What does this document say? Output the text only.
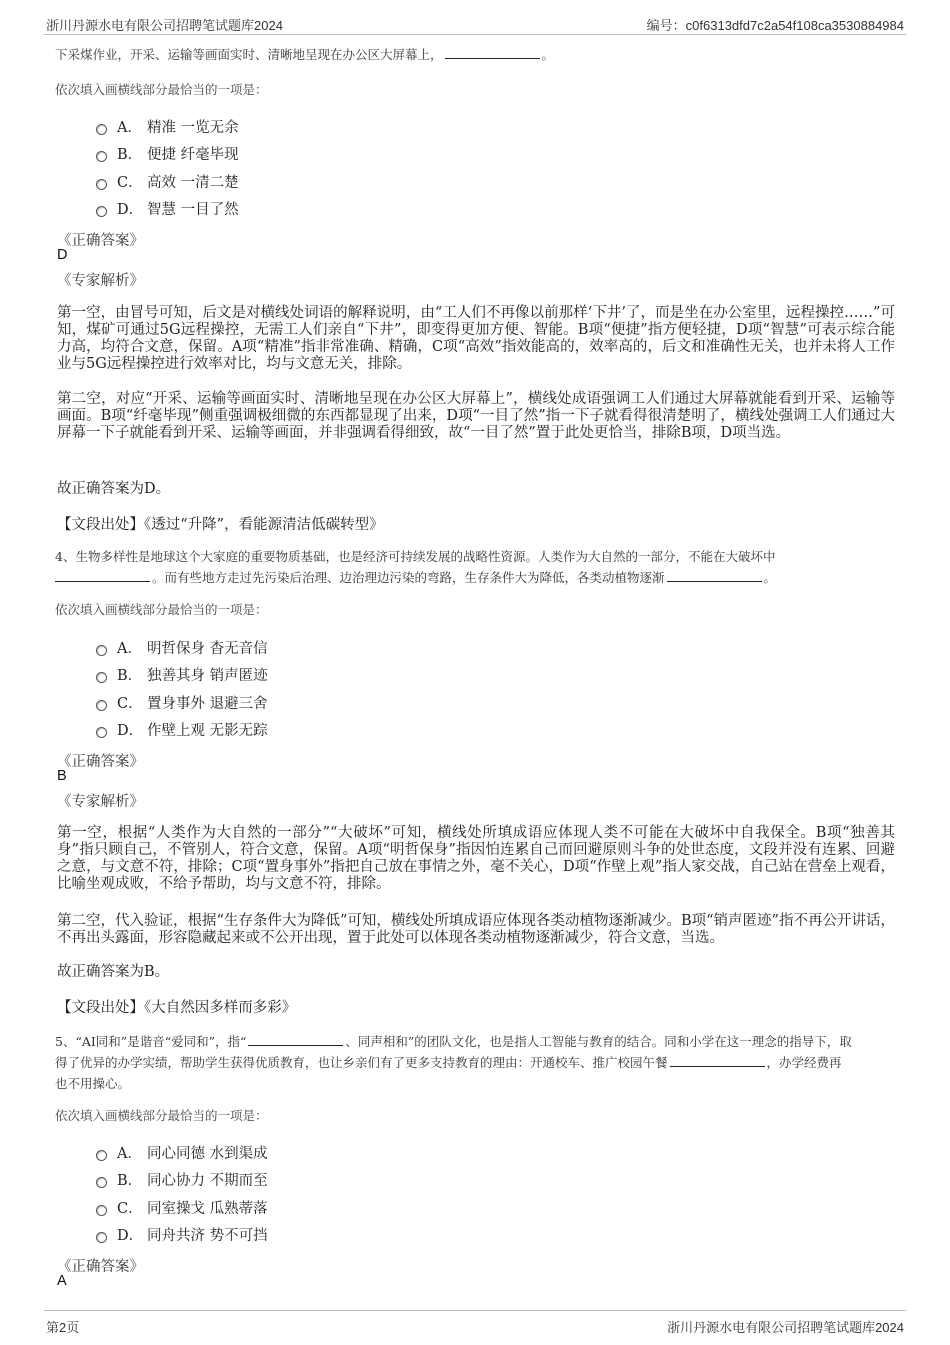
浙川丹源水电有限公司招聘笔试题库2024	编号：c0f6313dfd7c2a54f108ca3530884984
下采煤作业，开采、运输等画面实时、清晰地呈现在办公区大屏幕上，	。
依次填入画横线部分最恰当的一项是：
A． 精准 一览无余
B． 便捷 纤毫毕现
C． 高效 一清二楚
D． 智慧 一目了然
《正确答案》
D
《专家解析》
第一空，由冒号可知，后文是对横线处词语的解释说明，由“工人们不再像以前那样‘下井’了，而是坐在办公室里，远程操控……”可知，煤矿可通过5G远程操控，无需工人们亲自“下井”，即变得更加方便、智能。B项“便捷”指方便轻捷，D项“智慧”可表示综合能力高，均符合文意，保留。A项“精准”指非常准确、精确，C项“高效”指效能高的，效率高的，后文和准确性无关，也并未将人工作业与5G远程操控进行效率对比，均与文意无关，排除。
第二空，对应“开采、运输等画面实时、清晰地呈现在办公区大屏幕上”，横线处成语强调工人们通过大屏幕就能看到开采、运输等画面。B项“纤毫毕现”侧重强调极细微的东西都显现了出来，D项“一目了然”指一下子就看得很清楚明了，横线处强调工人们通过大屏幕一下子就能看到开采、运输等画面，并非强调看得细致，故“一目了然”置于此处更恰当，排除B项，D项当选。
故正确答案为D。
【文段出处】《透过“升降”，看能源清洁低碳转型》
4、生物多样性是地球这个大家庭的重要物质基础，也是经济可持续发展的战略性资源。人类作为大自然的一部分，不能在大破坏中
。而有些地方走过先污染后治理、边治理边污染的弯路，生存条件大为降低，各类动植物逐渐	。
依次填入画横线部分最恰当的一项是：
A． 明哲保身 杳无音信
B． 独善其身 销声匿迹
C． 置身事外 退避三舍
D． 作壁上观 无影无踪
《正确答案》
B
《专家解析》
第一空，根据“人类作为大自然的一部分”“大破坏”可知，横线处所填成语应体现人类不可能在大破坏中自我保全。B项“独善其身”指只顾自己，不管别人，符合文意，保留。A项“明哲保身”指因怕连累自己而回避原则斗争的处世态度，文段并没有连累、回避之意，与文意不符，排除；C项“置身事外”指把自己放在事情之外，毫不关心，D项“作壁上观”指人家交战，自己站在营垒上观看，比喻坐观成败，不给予帮助，均与文意不符，排除。
第二空，代入验证，根据“生存条件大为降低”可知，横线处所填成语应体现各类动植物逐渐减少。B项“销声匿迹”指不再公开讲话，不再出头露面，形容隐藏起来或不公开出现，置于此处可以体现各类动植物逐渐减少，符合文意，当选。
故正确答案为B。
【文段出处】《大自然因多样而多彩》
5、“AI同和”是谐音“爱同和”，指“	、同声相和”的团队文化，也是指人工智能与教育的结合。同和小学在这一理念的指导下，取
得了优异的办学实绩，帮助学生获得优质教育，也让乡亲们有了更多支持教育的理由：开通校车、推广校园午餐	，办学经费再
也不用操心。
依次填入画横线部分最恰当的一项是：
A． 同心同德 水到渠成
B． 同心协力 不期而至
C． 同室操戈 瓜熟蒂落
D． 同舟共济 势不可挡
《正确答案》
A
第2页	浙川丹源水电有限公司招聘笔试题库2024
